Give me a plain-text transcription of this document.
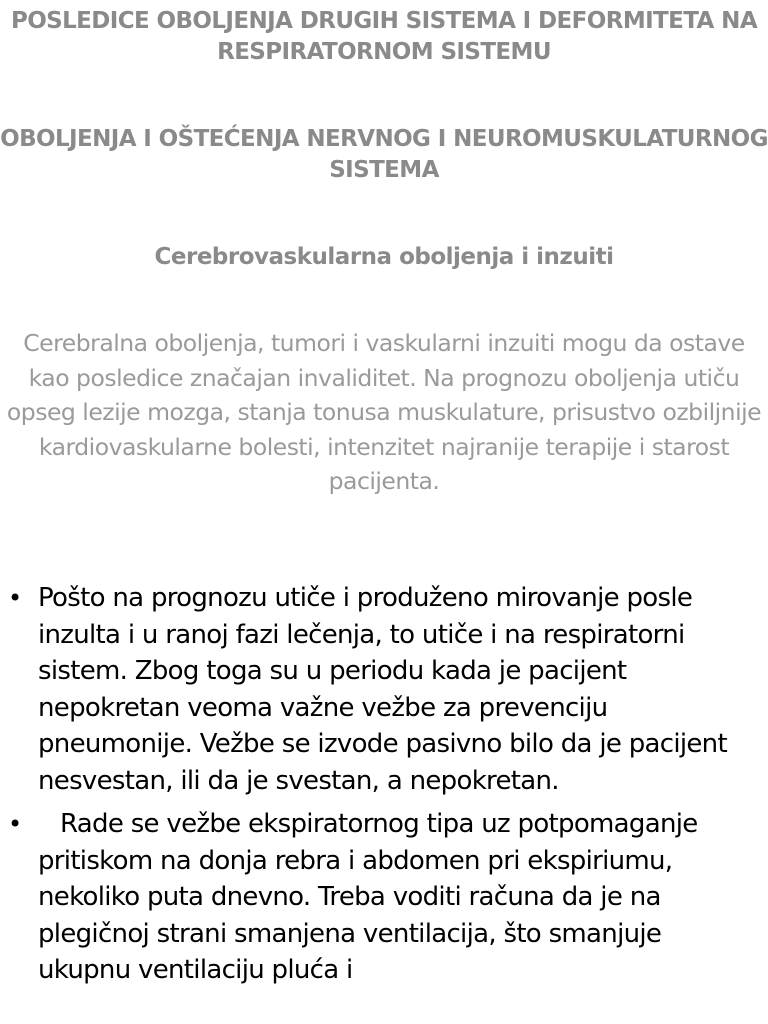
POSLEDICE OBOLJENJA DRUGIH SISTEMA I DEFORMITETA NA RESPIRATORNOM SISTEMU
OBOLJENJA I OŠTEĆENJA NERVNOG I NEUROMUSKULATURNOG SISTEMA
Cerebrovaskularna oboljenja i inzuiti

Cerebralna oboljenja, tumori i vaskularni inzuiti mogu da ostave kao posledice značajan invaliditet. Na prognozu oboljenja utiču opseg lezije mozga, stanja tonusa muskulature, prisustvo ozbiljnije kardiovaskularne bolesti, intenzitet najranije terapije i starost pacijenta.

• Pošto na prognozu utiče i produženo mirovanje posle inzulta i u ranoj fazi lečenja, to utiče i na respiratorni sistem. Zbog toga su u periodu kada je pacijent nepokretan veoma važne vežbe za prevenciju pneumonije. Vežbe se izvode pasivno bilo da je pacijent nesvestan, ili da je svestan, a nepokretan.
• Rade se vežbe ekspiratornog tipa uz potpomaganje pritiskom na donja rebra i abdomen pri ekspiriumu, nekoliko puta dnevno. Treba voditi računa da je na plegičnoj strani smanjena ventilacija, što smanjuje ukupnu ventilaciju pluća i
